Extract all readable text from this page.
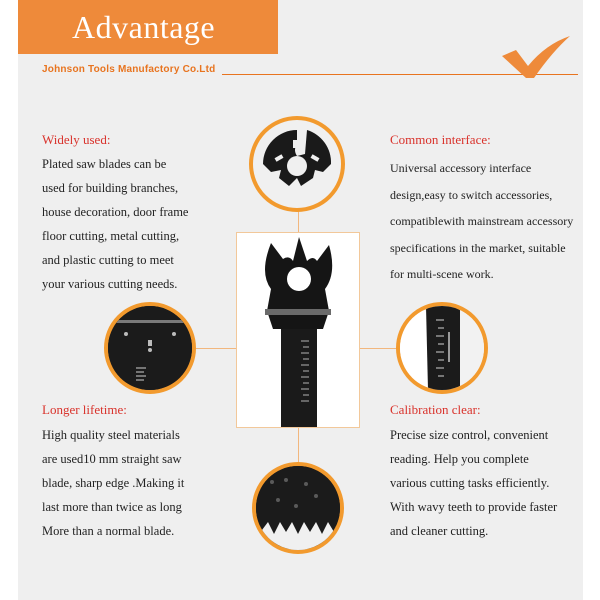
Advantage
Johnson Tools Manufactory Co.Ltd
Widely used:
Plated saw blades can be
used for building branches,
house decoration, door frame
floor cutting, metal cutting,
and plastic cutting to meet
your various cutting needs.
Common interface:
Universal accessory interface
design,easy to switch accessories,
compatiblewith mainstream accessory
specifications in the market, suitable
for multi-scene work.
Longer lifetime:
High quality steel materials
are used10 mm straight saw
blade, sharp edge .Making it
last more than twice as long
More than a normal blade.
Calibration clear:
Precise size control, convenient
reading. Help you complete
various cutting tasks efficiently.
With wavy teeth to provide faster
and cleaner cutting.
